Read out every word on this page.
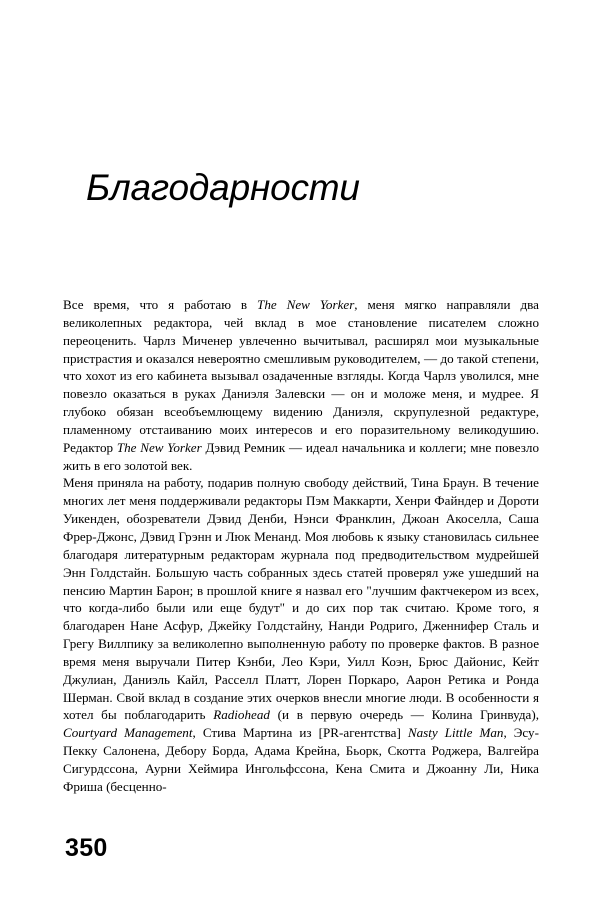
Благодарности

Все время, что я работаю в The New Yorker, меня мягко направляли два великолепных редактора, чей вклад в мое становление писателем сложно переоценить. Чарлз Миченер увлеченно вычитывал, расширял мои музыкальные пристрастия и оказался невероятно смешливым руководителем, — до такой степени, что хохот из его кабинета вызывал озадаченные взгляды. Когда Чарлз уволился, мне повезло оказаться в руках Даниэля Залевски — он и моложе меня, и мудрее. Я глубоко обязан всеобъемлющему видению Даниэля, скрупулезной редактуре, пламенному отстаиванию моих интересов и его поразительному великодушию. Редактор The New Yorker Дэвид Ремник — идеал начальника и коллеги; мне повезло жить в его золотой век.

Меня приняла на работу, подарив полную свободу действий, Тина Браун. В течение многих лет меня поддерживали редакторы Пэм Маккарти, Хенри Файндер и Дороти Уикенден, обозреватели Дэвид Денби, Нэнси Франклин, Джоан Акоселла, Саша Фрер-Джонс, Дэвид Грэнн и Люк Менанд. Моя любовь к языку становилась сильнее благодаря литературным редакторам журнала под предводительством мудрейшей Энн Голдстайн. Большую часть собранных здесь статей проверял уже ушедший на пенсию Мартин Барон; в прошлой книге я назвал его "лучшим фактчекером из всех, что когда-либо были или еще будут" и до сих пор так считаю. Кроме того, я благодарен Нане Асфур, Джейку Голдстайну, Нанди Родриго, Дженнифер Сталь и Грегу Виллпику за великолепно выполненную работу по проверке фактов. В разное время меня выручали Питер Кэнби, Лео Кэри, Уилл Коэн, Брюс Дайонис, Кейт Джулиан, Даниэль Кайл, Расселл Платт, Лорен Поркаро, Аарон Ретика и Ронда Шерман. Свой вклад в создание этих очерков внесли многие люди. В особенности я хотел бы поблагодарить Radiohead (и в первую очередь — Колина Гринвуда), Courtyard Management, Стива Мартина из [PR-агентства] Nasty Little Man, Эсу-Пекку Салонена, Дебору Борда, Адама Крейна, Бьорк, Скотта Роджера, Валгейра Сигурдссона, Аурни Хеймира Ингольфссона, Кена Смита и Джоанну Ли, Ника Фриша (бесценно-

350
